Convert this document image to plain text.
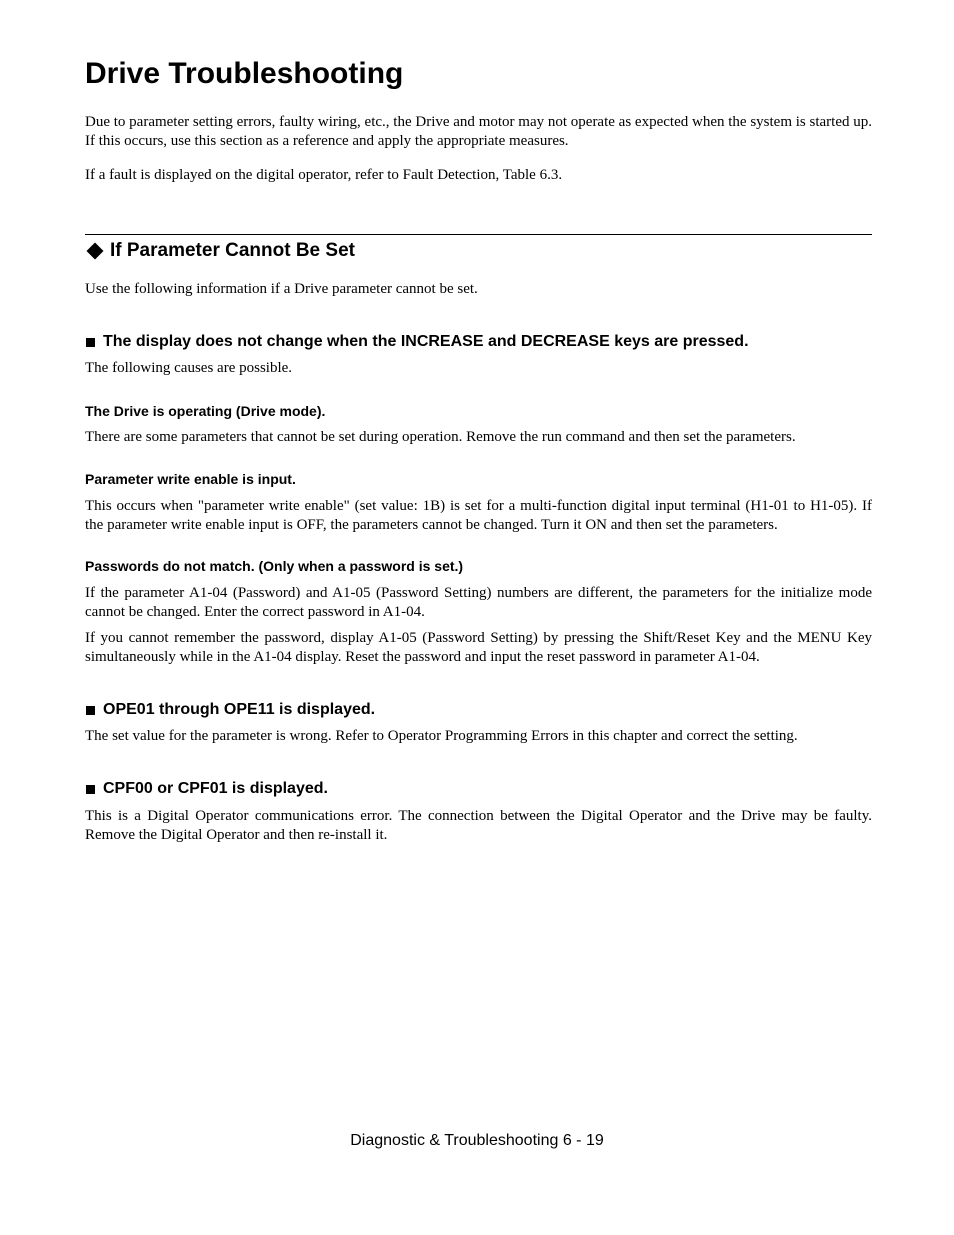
Drive Troubleshooting

Due to parameter setting errors, faulty wiring, etc., the Drive and motor may not operate as expected when the system is started up. If this occurs, use this section as a reference and apply the appropriate measures.

If a fault is displayed on the digital operator, refer to Fault Detection, Table 6.3.

If Parameter Cannot Be Set

Use the following information if a Drive parameter cannot be set.

The display does not change when the INCREASE and DECREASE keys are pressed.

The following causes are possible.

The Drive is operating (Drive mode).

There are some parameters that cannot be set during operation. Remove the run command and then set the parameters.

Parameter write enable is input.

This occurs when "parameter write enable" (set value: 1B) is set for a multi-function digital input terminal (H1-01 to H1-05). If the parameter write enable input is OFF, the parameters cannot be changed. Turn it ON and then set the parameters.

Passwords do not match. (Only when a password is set.)

If the parameter A1-04 (Password) and A1-05 (Password Setting) numbers are different, the parameters for the initialize mode cannot be changed. Enter the correct password in A1-04.

If you cannot remember the password, display A1-05 (Password Setting) by pressing the Shift/Reset Key and the MENU Key simultaneously while in the A1-04 display. Reset the password and input the reset password in parameter A1-04.

OPE01 through OPE11 is displayed.

The set value for the parameter is wrong. Refer to Operator Programming Errors in this chapter and correct the setting.

CPF00 or CPF01 is displayed.

This is a Digital Operator communications error. The connection between the Digital Operator and the Drive may be faulty. Remove the Digital Operator and then re-install it.

Diagnostic & Troubleshooting 6 - 19
